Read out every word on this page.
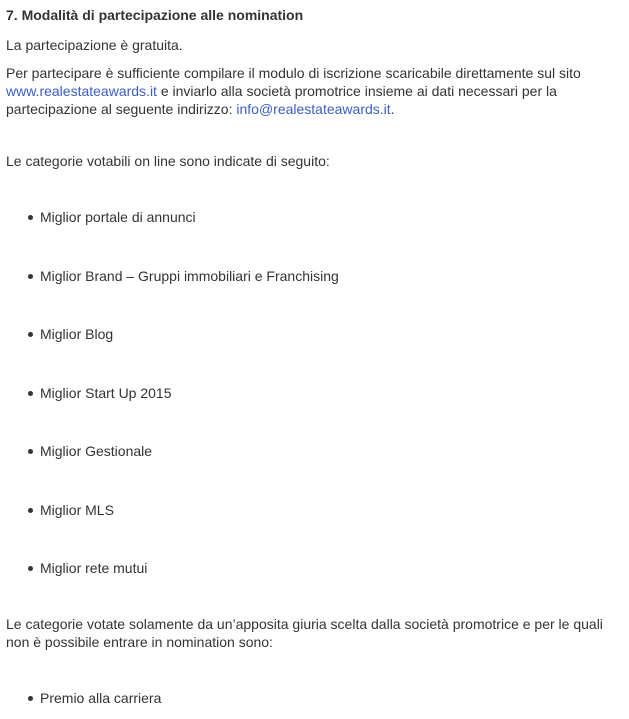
7. Modalità di partecipazione alle nomination

La partecipazione è gratuita.

Per partecipare è sufficiente compilare il modulo di iscrizione scaricabile direttamente sul sito www.realestateawards.it e inviarlo alla società promotrice insieme ai dati necessari per la partecipazione al seguente indirizzo: info@realestateawards.it.

Le categorie votabili on line sono indicate di seguito:

Miglior portale di annunci
Miglior Brand – Gruppi immobiliari e Franchising
Miglior Blog
Miglior Start Up 2015
Miglior Gestionale
Miglior MLS
Miglior rete mutui

Le categorie votate solamente da un’apposita giuria scelta dalla società promotrice e per le quali non è possibile entrare in nomination sono:

Premio alla carriera
